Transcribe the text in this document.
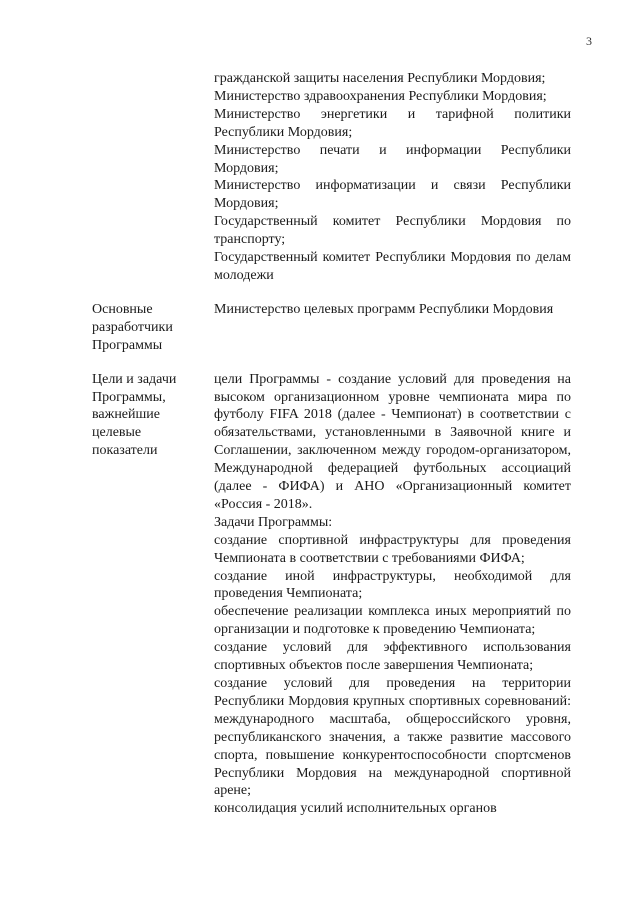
3

гражданской защиты населения Республики Мордовия;

Министерство здравоохранения Республики Мордовия;

Министерство энергетики и тарифной политики Республики Мордовия;

Министерство печати и информации Республики Мордовия;

Министерство информатизации и связи Республики Мордовия;

Государственный комитет Республики Мордовия по транспорту;

Государственный комитет Республики Мордовия по делам молодежи

Основные
разработчики
Программы

Министерство целевых программ Республики Мордовия

Цели и задачи
Программы,
важнейшие
целевые
показатели

цели Программы - создание условий для проведения на высоком организационном уровне чемпионата мира по футболу FIFA 2018 (далее - Чемпионат) в соответствии с обязательствами, установленными в Заявочной книге и Соглашении, заключенном между городом-организатором, Международной федерацией футбольных ассоциаций (далее - ФИФА) и АНО «Организационный комитет «Россия - 2018».

Задачи Программы:

создание спортивной инфраструктуры для проведения Чемпионата в соответствии с требованиями ФИФА;

создание иной инфраструктуры, необходимой для проведения Чемпионата;

обеспечение реализации комплекса иных мероприятий по организации и подготовке к проведению Чемпионата;

создание условий для эффективного использования спортивных объектов после завершения Чемпионата;

создание условий для проведения на территории Республики Мордовия крупных спортивных соревнований: международного масштаба, общероссийского уровня, республиканского значения, а также развитие массового спорта, повышение конкурентоспособности спортсменов Республики Мордовия на международной спортивной арене;

консолидация усилий исполнительных органов
